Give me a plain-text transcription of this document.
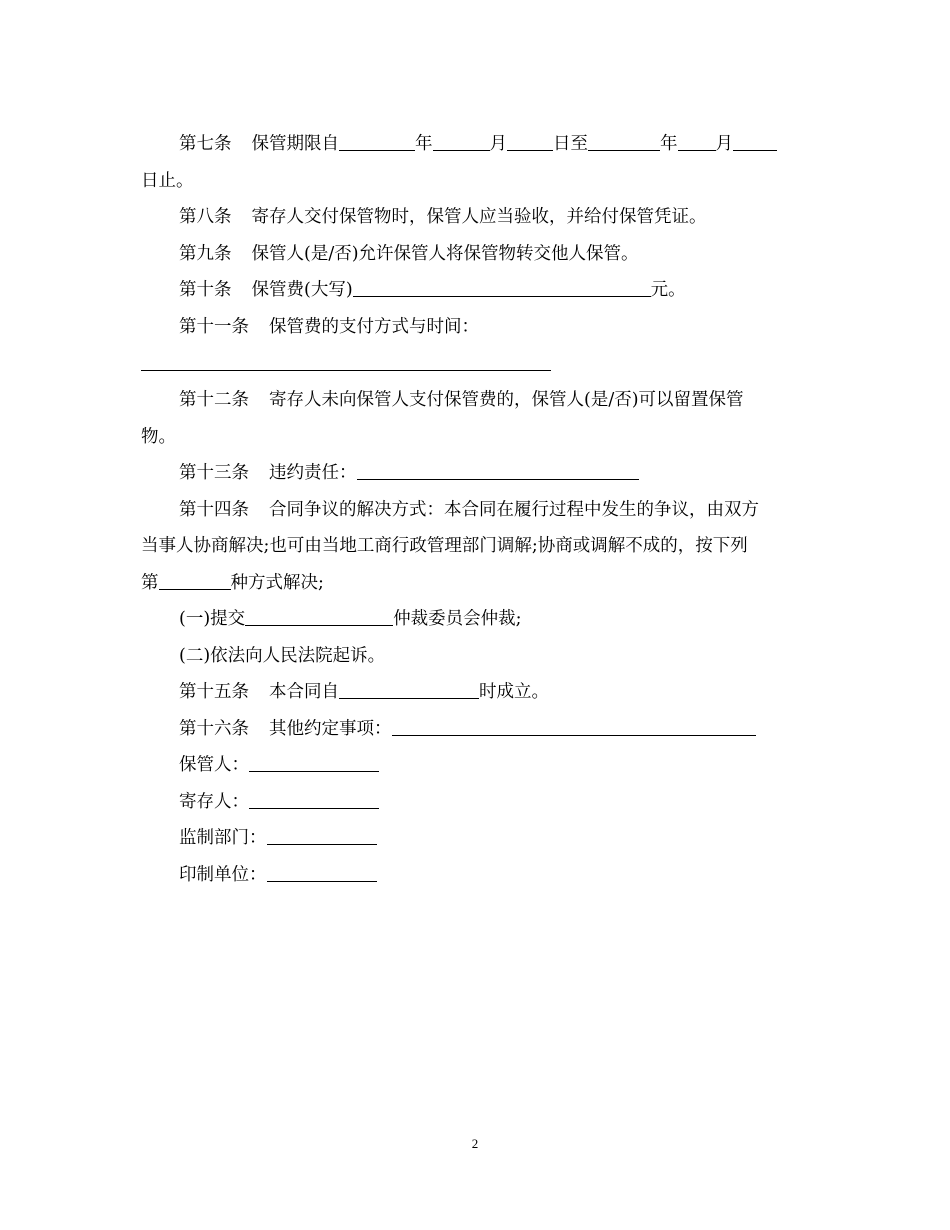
第七条 保管期限自	年	月	日至	年 月
日止。
第八条 寄存人交付保管物时，保管人应当验收，并给付保管凭证。
第九条 保管人(是/否)允许保管人将保管物转交他人保管。
第十条 保管费(大写)	元。
第十一条 保管费的支付方式与时间：
第十二条 寄存人未向保管人支付保管费的，保管人(是/否)可以留置保管
物。
第十三条 违约责任：
第十四条 合同争议的解决方式：本合同在履行过程中发生的争议，由双方
当事人协商解决;也可由当地工商行政管理部门调解;协商或调解不成的，按下列
第	种方式解决;
(一)提交	仲裁委员会仲裁;
(二)依法向人民法院起诉。
第十五条 本合同自	时成立。
第十六条 其他约定事项：
保管人：
寄存人：
监制部门：
印制单位：
2
